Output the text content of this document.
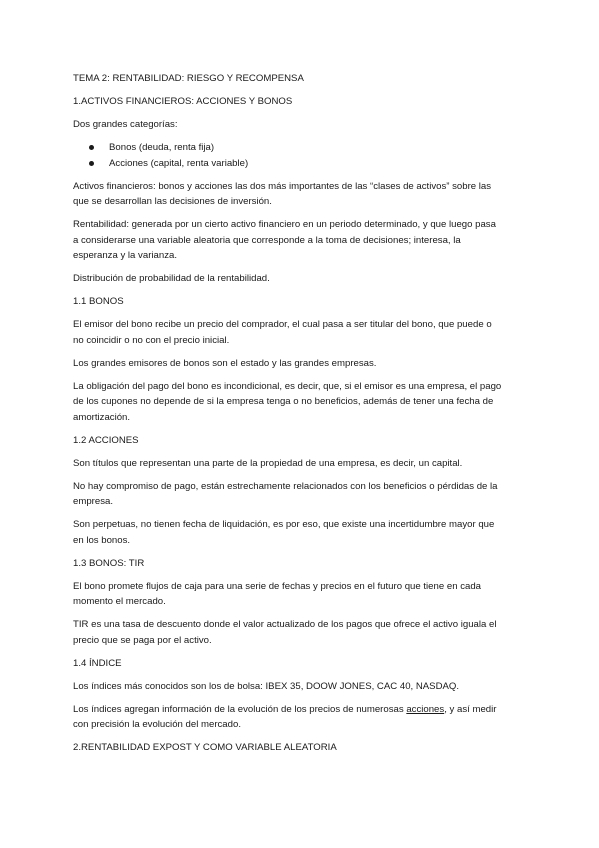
TEMA 2: RENTABILIDAD: RIESGO Y RECOMPENSA

1.ACTIVOS FINANCIEROS: ACCIONES Y BONOS

Dos grandes categorías:

Bonos (deuda, renta fija)
Acciones (capital, renta variable)

Activos financieros: bonos y acciones las dos más importantes de las “clases de activos” sobre las
que se desarrollan las decisiones de inversión.

Rentabilidad: generada por un cierto activo financiero en un periodo determinado, y que luego pasa
a considerarse una variable aleatoria que corresponde a la toma de decisiones; interesa, la
esperanza y la varianza.

Distribución de probabilidad de la rentabilidad.

1.1 BONOS

El emisor del bono recibe un precio del comprador, el cual pasa a ser titular del bono, que puede o
no coincidir o no con el precio inicial.

Los grandes emisores de bonos son el estado y las grandes empresas.

La obligación del pago del bono es incondicional, es decir, que, si el emisor es una empresa, el pago
de los cupones no depende de si la empresa tenga o no beneficios, además de tener una fecha de
amortización.

1.2 ACCIONES

Son títulos que representan una parte de la propiedad de una empresa, es decir, un capital.

No hay compromiso de pago, están estrechamente relacionados con los beneficios o pérdidas de la
empresa.

Son perpetuas, no tienen fecha de liquidación, es por eso, que existe una incertidumbre mayor que
en los bonos.

1.3 BONOS: TIR

El bono promete flujos de caja para una serie de fechas y precios en el futuro que tiene en cada
momento el mercado.

TIR es una tasa de descuento donde el valor actualizado de los pagos que ofrece el activo iguala el
precio que se paga por el activo.

1.4 ÍNDICE

Los índices más conocidos son los de bolsa: IBEX 35, DOOW JONES, CAC 40, NASDAQ.

Los índices agregan información de la evolución de los precios de numerosas acciones, y así medir
con precisión la evolución del mercado.

2.RENTABILIDAD EXPOST Y COMO VARIABLE ALEATORIA
